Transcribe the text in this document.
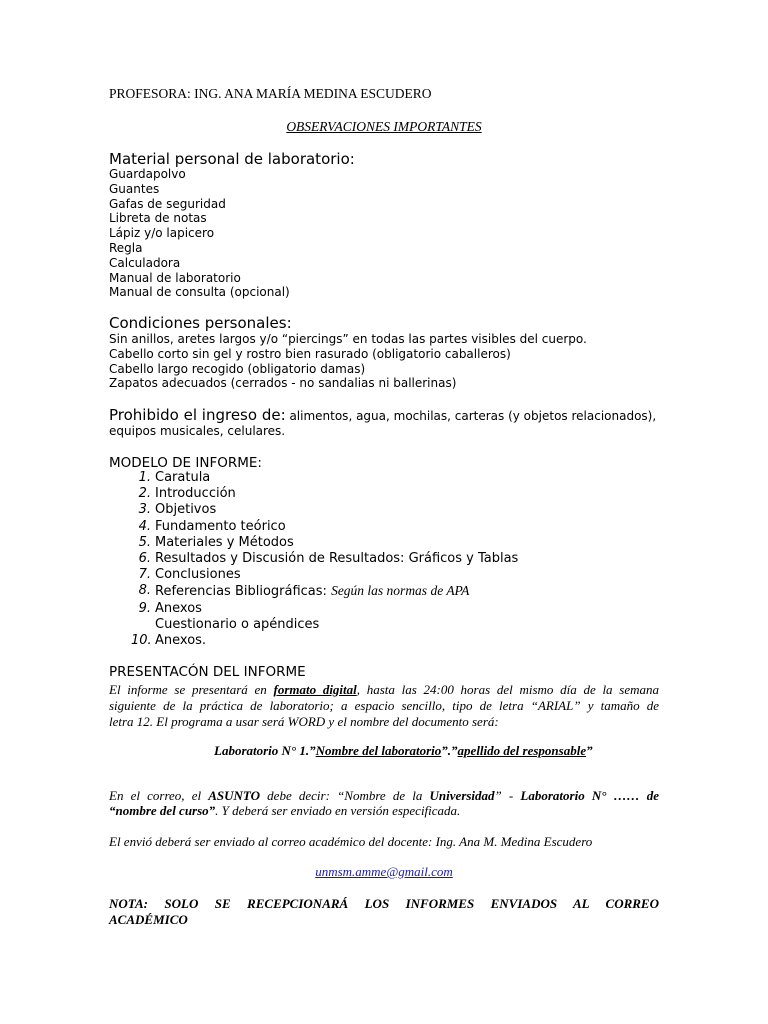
PROFESORA: ING. ANA MARÍA MEDINA ESCUDERO
OBSERVACIONES IMPORTANTES
Material personal de laboratorio:
Guardapolvo
Guantes
Gafas de seguridad
Libreta de notas
Lápiz y/o lapicero
Regla
Calculadora
Manual de laboratorio
Manual de consulta (opcional)
Condiciones personales:
Sin anillos, aretes largos y/o “piercings” en todas las partes visibles del cuerpo.
Cabello corto sin gel y rostro bien rasurado (obligatorio caballeros)
Cabello largo recogido (obligatorio damas)
Zapatos adecuados (cerrados - no sandalias ni ballerinas)
Prohibido el ingreso de: alimentos, agua, mochilas, carteras (y objetos relacionados),
equipos musicales, celulares.
MODELO DE INFORME:
1. Caratula
2. Introducción
3. Objetivos
4. Fundamento teórico
5. Materiales y Métodos
6. Resultados y Discusión de Resultados: Gráficos y Tablas
7. Conclusiones
8. Referencias Bibliográficas: Según las normas de APA
9. Anexos
Cuestionario o apéndices
10. Anexos.
PRESENTACÓN DEL INFORME
El informe se presentará en formato digital, hasta las 24:00 horas del mismo día de la semana
siguiente de la práctica de laboratorio; a espacio sencillo, tipo de letra “ARIAL” y tamaño de
letra 12. El programa a usar será WORD y el nombre del documento será:
Laboratorio N° 1.”Nombre del laboratorio”.”apellido del responsable”
En el correo, el ASUNTO debe decir: “Nombre de la Universidad” - Laboratorio N° …… de
“nombre del curso”. Y deberá ser enviado en versión especificada.
El envió deberá ser enviado al correo académico del docente: Ing. Ana M. Medina Escudero
unmsm.amme@gmail.com
NOTA: SOLO SE RECEPCIONARÁ LOS INFORMES ENVIADOS AL CORREO
ACADÉMICO
